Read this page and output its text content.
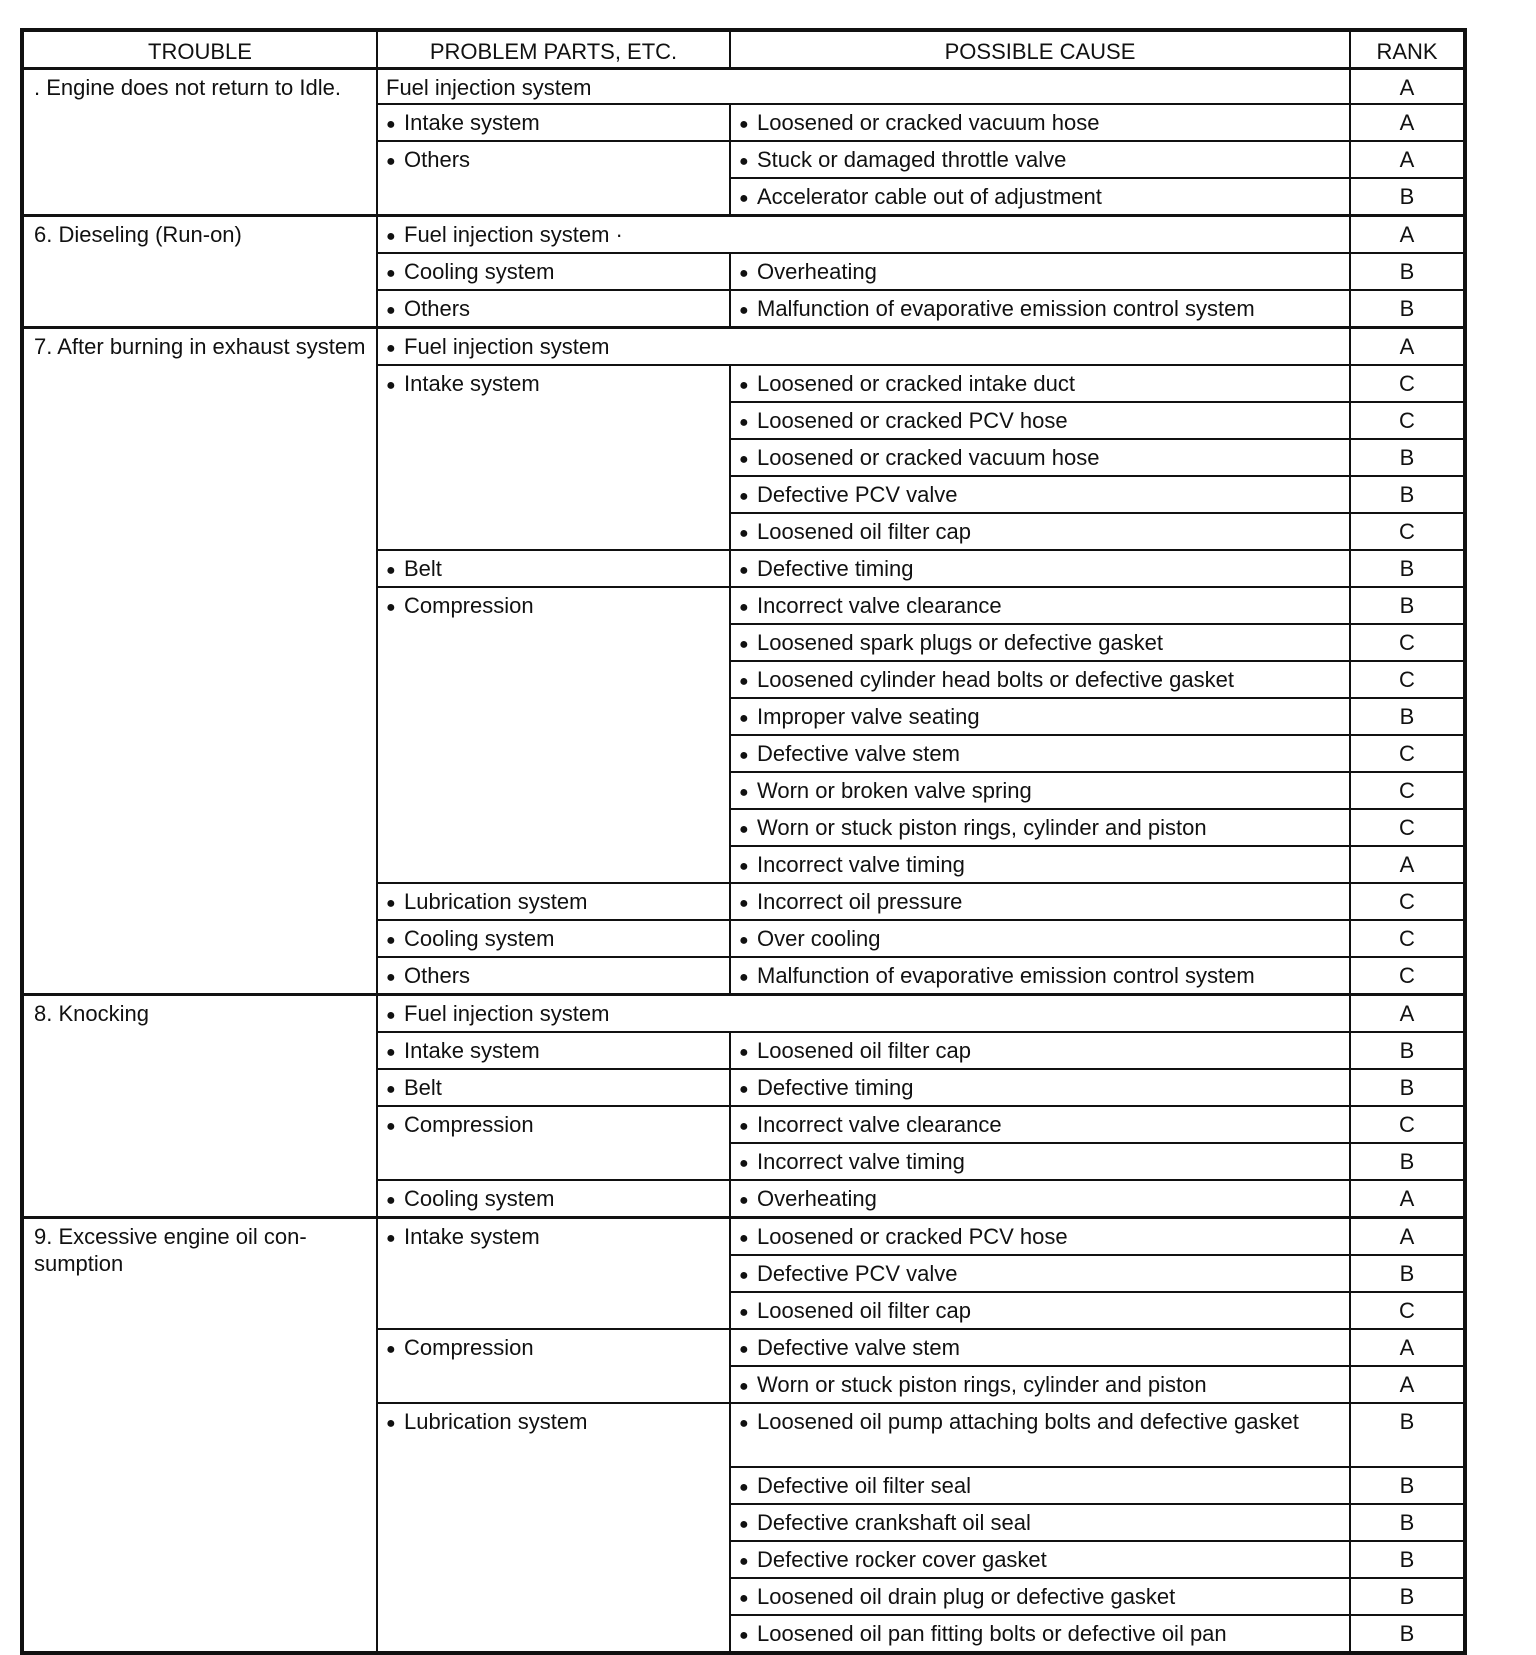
TROUBLE	PROBLEM PARTS, ETC.	POSSIBLE CAUSE	RANK
. Engine does not return to Idle.	Fuel injection system		A
	● Intake system	● Loosened or cracked vacuum hose	A
	● Others	● Stuck or damaged throttle valve	A
		● Accelerator cable out of adjustment	B
6. Dieseling (Run-on)	● Fuel injection system ·		A
	● Cooling system	● Overheating	B
	● Others	● Malfunction of evaporative emission control system	B
7. After burning in exhaust system	● Fuel injection system		A
	● Intake system	● Loosened or cracked intake duct	C
		● Loosened or cracked PCV hose	C
		● Loosened or cracked vacuum hose	B
		● Defective PCV valve	B
		● Loosened oil filter cap	C
	● Belt	● Defective timing	B
	● Compression	● Incorrect valve clearance	B
		● Loosened spark plugs or defective gasket	C
		● Loosened cylinder head bolts or defective gasket	C
		● Improper valve seating	B
		● Defective valve stem	C
		● Worn or broken valve spring	C
		● Worn or stuck piston rings, cylinder and piston	C
		● Incorrect valve timing	A
	● Lubrication system	● Incorrect oil pressure	C
	● Cooling system	● Over cooling	C
	● Others	● Malfunction of evaporative emission control system	C
8. Knocking	● Fuel injection system		A
	● Intake system	● Loosened oil filter cap	B
	● Belt	● Defective timing	B
	● Compression	● Incorrect valve clearance	C
		● Incorrect valve timing	B
	● Cooling system	● Overheating	A
9. Excessive engine oil con-sumption	● Intake system	● Loosened or cracked PCV hose	A
		● Defective PCV valve	B
		● Loosened oil filter cap	C
	● Compression	● Defective valve stem	A
		● Worn or stuck piston rings, cylinder and piston	A
	● Lubrication system	● Loosened oil pump attaching bolts and defective gasket	B
		● Defective oil filter seal	B
		● Defective crankshaft oil seal	B
		● Defective rocker cover gasket	B
		● Loosened oil drain plug or defective gasket	B
		● Loosened oil pan fitting bolts or defective oil pan	B
